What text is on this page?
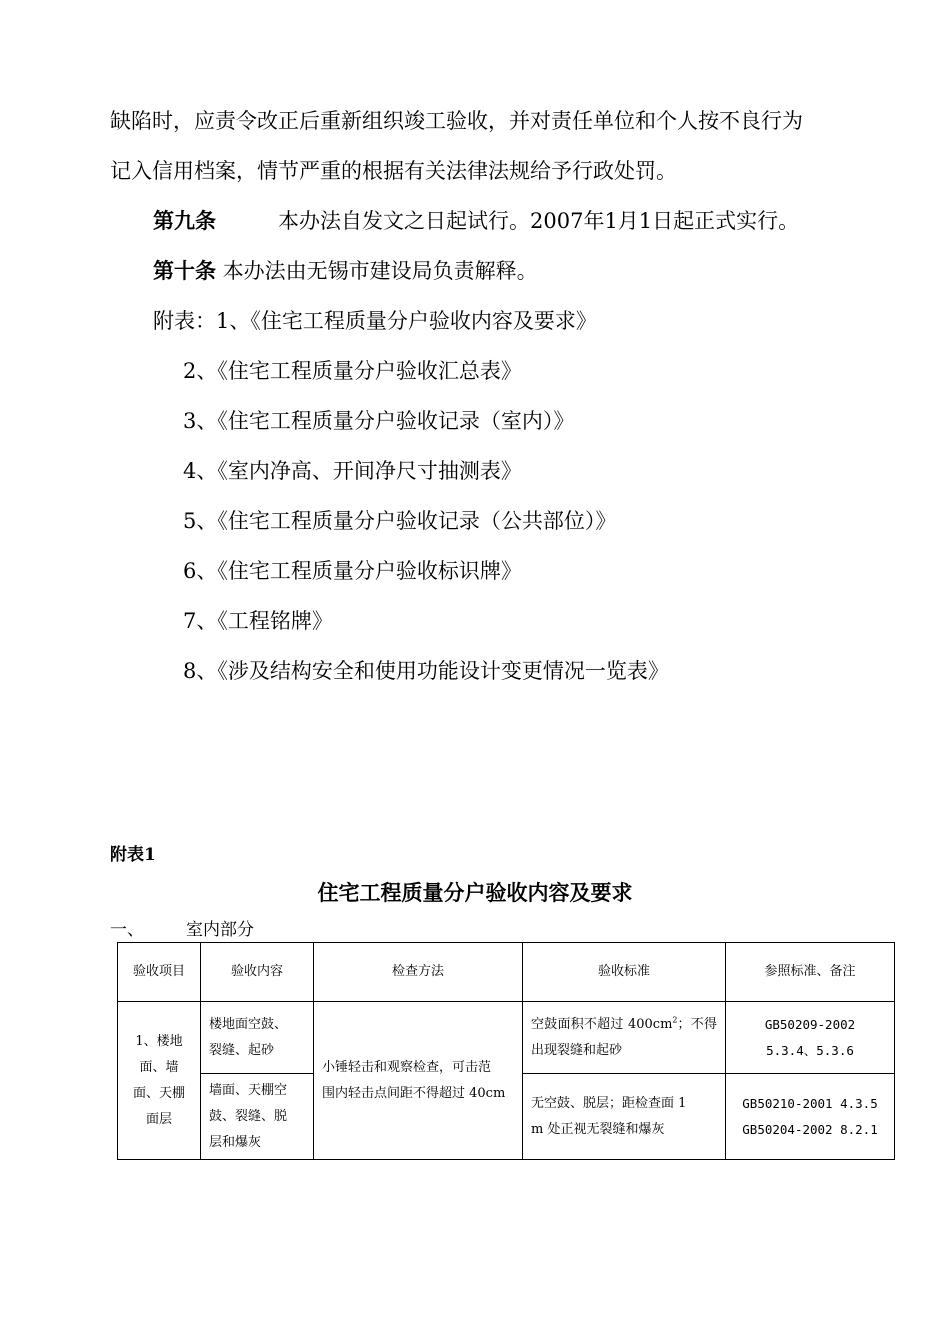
缺陷时，应责令改正后重新组织竣工验收，并对责任单位和个人按不良行为
记入信用档案，情节严重的根据有关法律法规给予行政处罚。
第九条	本办法自发文之日起试行。2007年1月1日起正式实行。
第十条 本办法由无锡市建设局负责解释。
附表：1、《住宅工程质量分户验收内容及要求》
2、《住宅工程质量分户验收汇总表》
3、《住宅工程质量分户验收记录（室内）》
4、《室内净高、开间净尺寸抽测表》
5、《住宅工程质量分户验收记录（公共部位）》
6、《住宅工程质量分户验收标识牌》
7、《工程铭牌》
8、《涉及结构安全和使用功能设计变更情况一览表》
附表1
住宅工程质量分户验收内容及要求
一、 室内部分
验收项目	验收内容	检查方法	验收标准	参照标准、备注

1、楼地
面、墙
面、天棚
面层	楼地面空鼓、
裂缝、起砂	小锤轻击和观察检查，可击范
围内轻击点间距不得超过 40cm	空鼓面积不超过 $400cm^2$；不得出现裂缝和起砂	GB50209-2002
5.3.4、5.3.6

	墙面、天棚空
鼓、裂缝、脱
层和爆灰		无空鼓、脱层；距检查面 1
m 处正视无裂缝和爆灰	GB50210-2001 4.3.5
GB50204-2002 8.2.1
